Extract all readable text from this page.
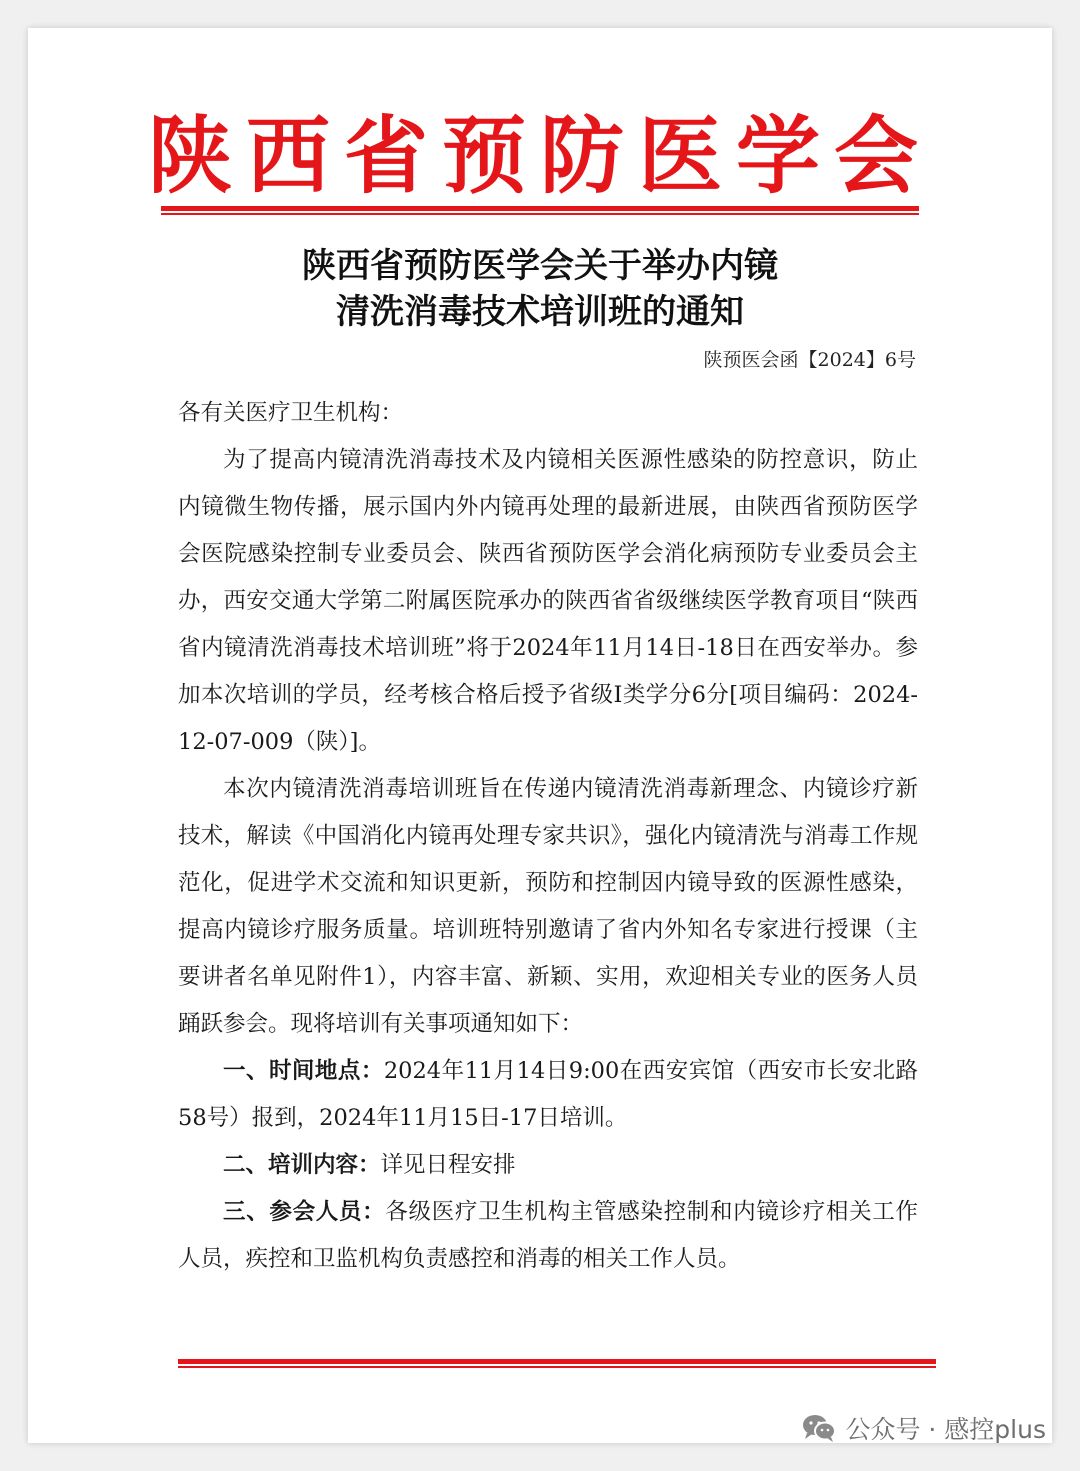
陕西省预防医学会
陕西省预防医学会关于举办内镜
清洗消毒技术培训班的通知
陕预医会函【2024】6号

各有关医疗卫生机构：

为了提高内镜清洗消毒技术及内镜相关医源性感染的防控意识，防止内镜微生物传播，展示国内外内镜再处理的最新进展，由陕西省预防医学会医院感染控制专业委员会、陕西省预防医学会消化病预防专业委员会主办，西安交通大学第二附属医院承办的陕西省省级继续医学教育项目“陕西省内镜清洗消毒技术培训班”将于2024年11月14日-18日在西安举办。参加本次培训的学员，经考核合格后授予省级Ⅰ类学分6分[项目编码：2024-12-07-009（陕）]。

本次内镜清洗消毒培训班旨在传递内镜清洗消毒新理念、内镜诊疗新技术，解读《中国消化内镜再处理专家共识》，强化内镜清洗与消毒工作规范化，促进学术交流和知识更新，预防和控制因内镜导致的医源性感染，提高内镜诊疗服务质量。培训班特别邀请了省内外知名专家进行授课（主要讲者名单见附件1），内容丰富、新颖、实用，欢迎相关专业的医务人员踊跃参会。现将培训有关事项通知如下：

一、时间地点：2024年11月14日9:00在西安宾馆（西安市长安北路58号）报到，2024年11月15日-17日培训。

二、培训内容：详见日程安排

三、参会人员：各级医疗卫生机构主管感染控制和内镜诊疗相关工作人员，疾控和卫监机构负责感控和消毒的相关工作人员。

公众号 · 感控plus
